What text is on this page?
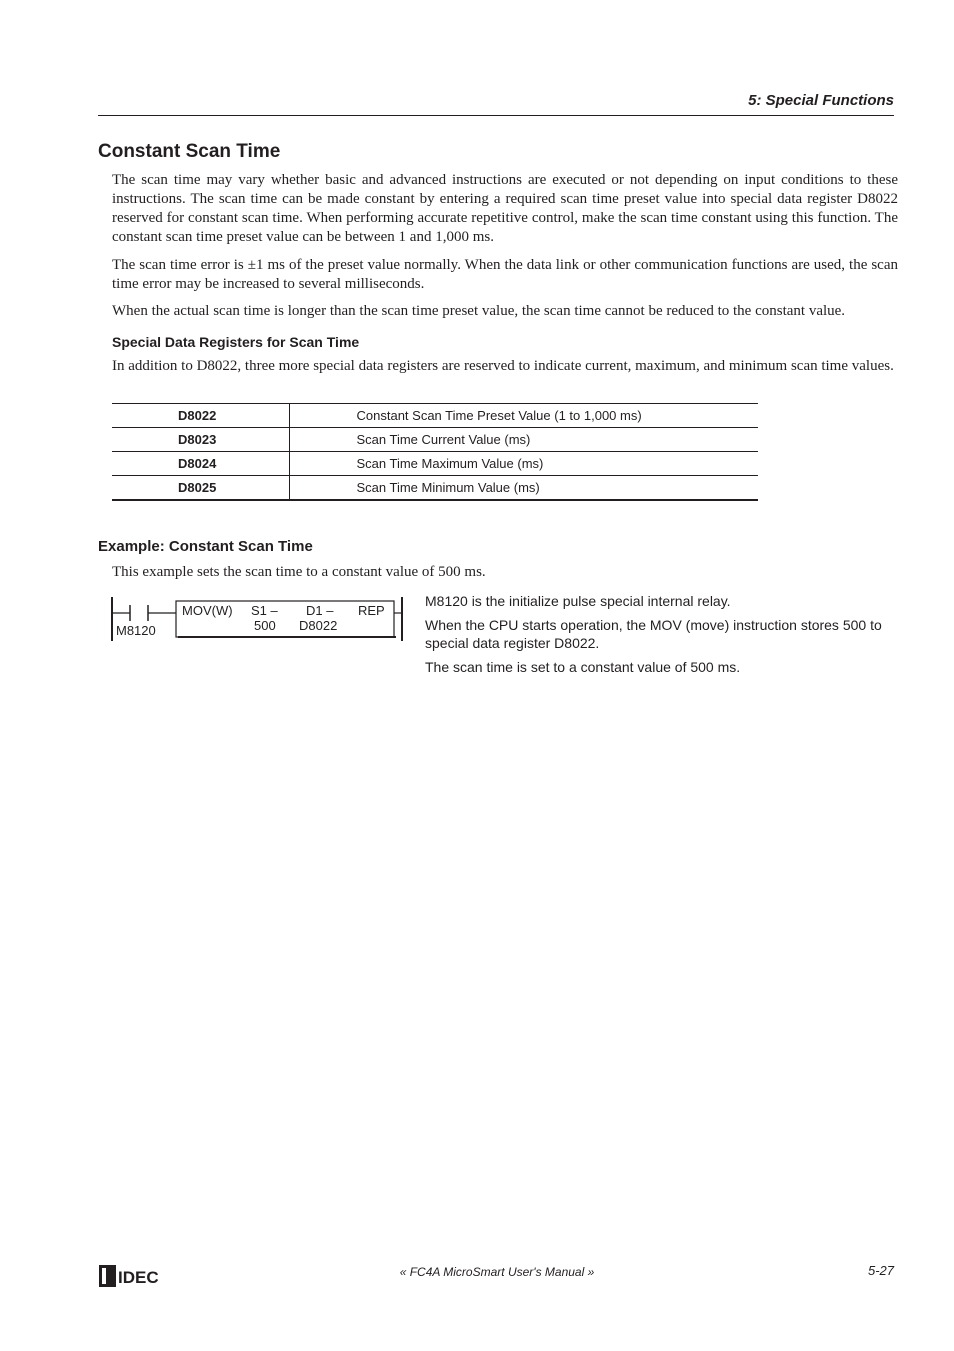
5: Special Functions
Constant Scan Time

The scan time may vary whether basic and advanced instructions are executed or not depending on input conditions to these instructions. The scan time can be made constant by entering a required scan time preset value into special data register D8022 reserved for constant scan time. When performing accurate repetitive control, make the scan time constant using this function. The constant scan time preset value can be between 1 and 1,000 ms.

The scan time error is ±1 ms of the preset value normally. When the data link or other communication functions are used, the scan time error may be increased to several milliseconds.

When the actual scan time is longer than the scan time preset value, the scan time cannot be reduced to the constant value.

Special Data Registers for Scan Time

In addition to D8022, three more special data registers are reserved to indicate current, maximum, and minimum scan time values.

D8022	Constant Scan Time Preset Value (1 to 1,000 ms)
D8023	Scan Time Current Value (ms)
D8024	Scan Time Maximum Value (ms)
D8025	Scan Time Minimum Value (ms)
Example: Constant Scan Time

This example sets the scan time to a constant value of 500 ms.

M8120
MOV(W) S1 –
500
D1 –
D8022
REP

M8120 is the initialize pulse special internal relay.

When the CPU starts operation, the MOV (move) instruction stores 500 to special data register D8022.

The scan time is set to a constant value of 500 ms.

IDEC	« FC4A MicroSmart User's Manual »	5-27
